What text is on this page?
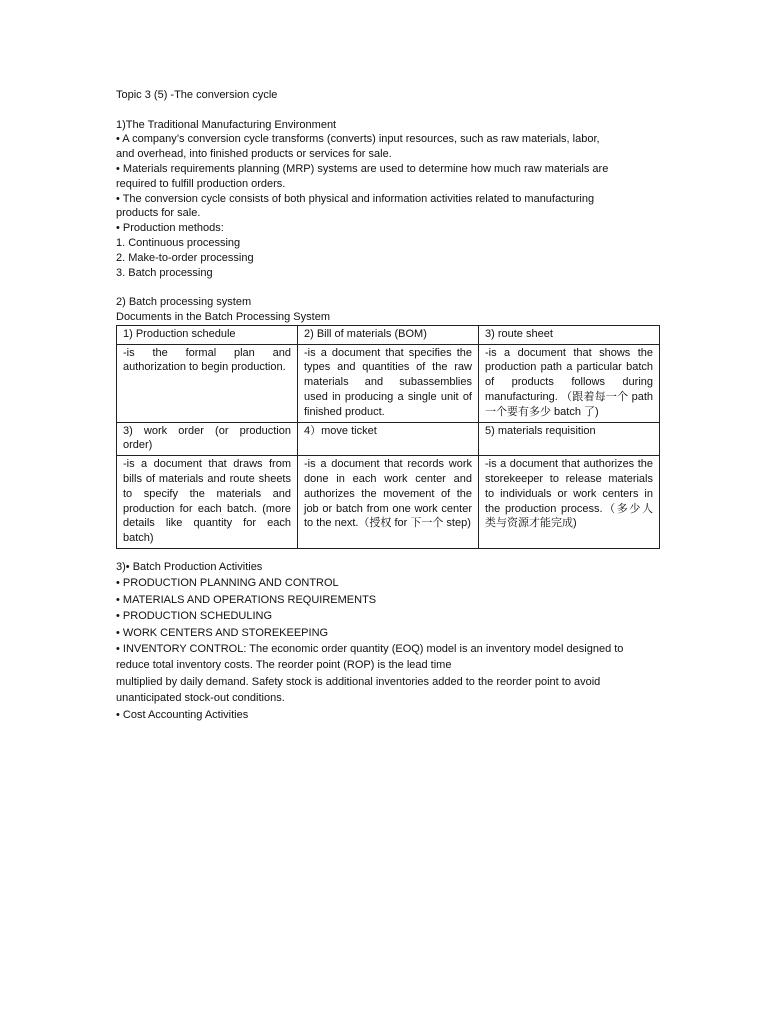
Topic 3 (5) -The conversion cycle
1)The Traditional Manufacturing Environment
• A company’s conversion cycle transforms (converts) input resources, such as raw materials, labor,
and overhead, into finished products or services for sale.
• Materials requirements planning (MRP) systems are used to determine how much raw materials are
required to fulfill production orders.
• The conversion cycle consists of both physical and information activities related to manufacturing
products for sale.
• Production methods:
1. Continuous processing
2. Make-to-order processing
3. Batch processing
2) Batch processing system
Documents in the Batch Processing System
1) Production schedule	2) Bill of materials (BOM)	3) route sheet
-is the formal plan and authorization to begin production.	-is a document that specifies the types and quantities of the raw materials and subassemblies used in producing a single unit of finished product.	-is a document that shows the production path a particular batch of products follows during manufacturing. （跟着每一个 path 一个要有多少 batch 了)
3) work order (or production order)	4）move ticket	5) materials requisition
-is a document that draws from bills of materials and route sheets to specify the materials and production for each batch. (more details like quantity for each batch)	-is a document that records work done in each work center and authorizes the movement of the job or batch from one work center to the next.（授权 for 下一个 step)	-is a document that authorizes the storekeeper to release materials to individuals or work centers in the production process.（多少人类与资源才能完成)
3)• Batch Production Activities
• PRODUCTION PLANNING AND CONTROL
• MATERIALS AND OPERATIONS REQUIREMENTS
• PRODUCTION SCHEDULING
• WORK CENTERS AND STOREKEEPING
• INVENTORY CONTROL: The economic order quantity (EOQ) model is an inventory model designed to
reduce total inventory costs. The reorder point (ROP) is the lead time
multiplied by daily demand. Safety stock is additional inventories added to the reorder point to avoid
unanticipated stock-out conditions.
• Cost Accounting Activities
